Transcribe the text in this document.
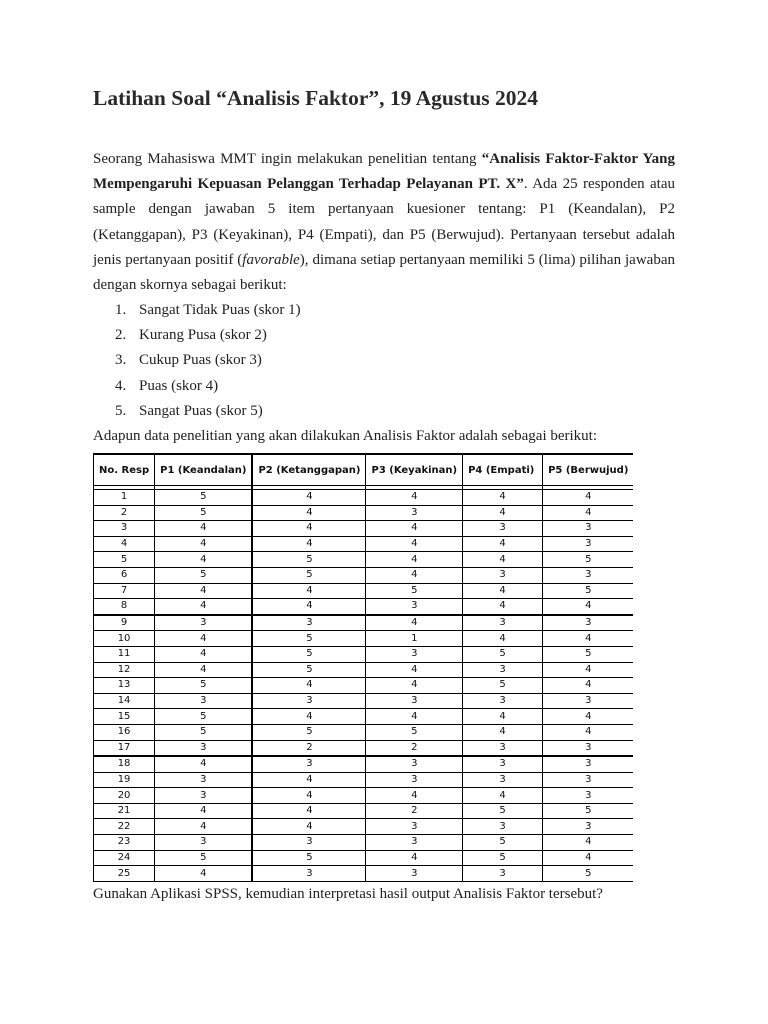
Latihan Soal “Analisis Faktor”, 19 Agustus 2024

Seorang Mahasiswa MMT ingin melakukan penelitian tentang “Analisis Faktor-Faktor Yang Mempengaruhi Kepuasan Pelanggan Terhadap Pelayanan PT. X”. Ada 25 responden atau sample dengan jawaban 5 item pertanyaan kuesioner tentang: P1 (Keandalan), P2 (Ketanggapan), P3 (Keyakinan), P4 (Empati), dan P5 (Berwujud). Pertanyaan tersebut adalah jenis pertanyaan positif (favorable), dimana setiap pertanyaan memiliki 5 (lima) pilihan jawaban dengan skornya sebagai berikut:

1. Sangat Tidak Puas (skor 1)
2. Kurang Pusa (skor 2)
3. Cukup Puas (skor 3)
4. Puas (skor 4)
5. Sangat Puas (skor 5)

Adapun data penelitian yang akan dilakukan Analisis Faktor adalah sebagai berikut:

No. Resp	P1 (Keandalan)	P2 (Ketanggapan)	P3 (Keyakinan)	P4 (Empati)	P5 (Berwujud)

1	5	4	4	4	4
2	5	4	3	4	4
3	4	4	4	3	3
4	4	4	4	4	3
5	4	5	4	4	5
6	5	5	4	3	3
7	4	4	5	4	5
8	4	4	3	4	4
9	3	3	4	3	3
10	4	5	1	4	4
11	4	5	3	5	5
12	4	5	4	3	4
13	5	4	4	5	4
14	3	3	3	3	3
15	5	4	4	4	4
16	5	5	5	4	4
17	3	2	2	3	3
18	4	3	3	3	3
19	3	4	3	3	3
20	3	4	4	4	3
21	4	4	2	5	5
22	4	4	3	3	3
23	3	3	3	5	4
24	5	5	4	5	4
25	4	3	3	3	5

Gunakan Aplikasi SPSS, kemudian interpretasi hasil output Analisis Faktor tersebut?
